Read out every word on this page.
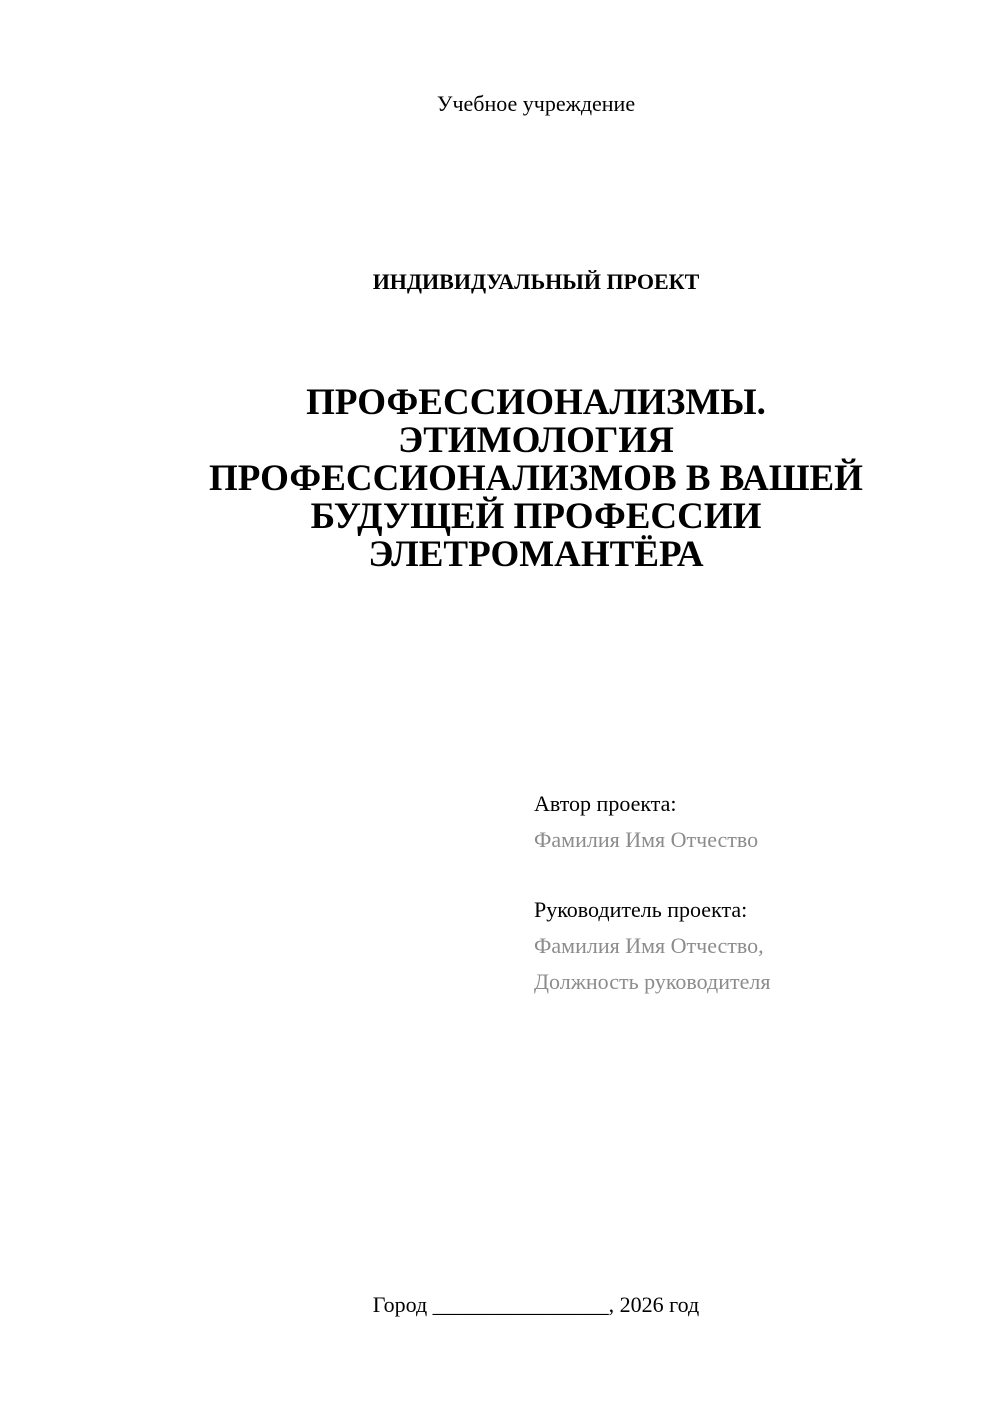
Учебное учреждение
ИНДИВИДУАЛЬНЫЙ ПРОЕКТ
ПРОФЕССИОНАЛИЗМЫ.
ЭТИМОЛОГИЯ
ПРОФЕССИОНАЛИЗМОВ В ВАШЕЙ
БУДУЩЕЙ ПРОФЕССИИ
ЭЛЕТРОМАНТЁРА
Автор проекта:
Фамилия Имя Отчество
Руководитель проекта:
Фамилия Имя Отчество,
Должность руководителя
Город ________________, 2026 год
